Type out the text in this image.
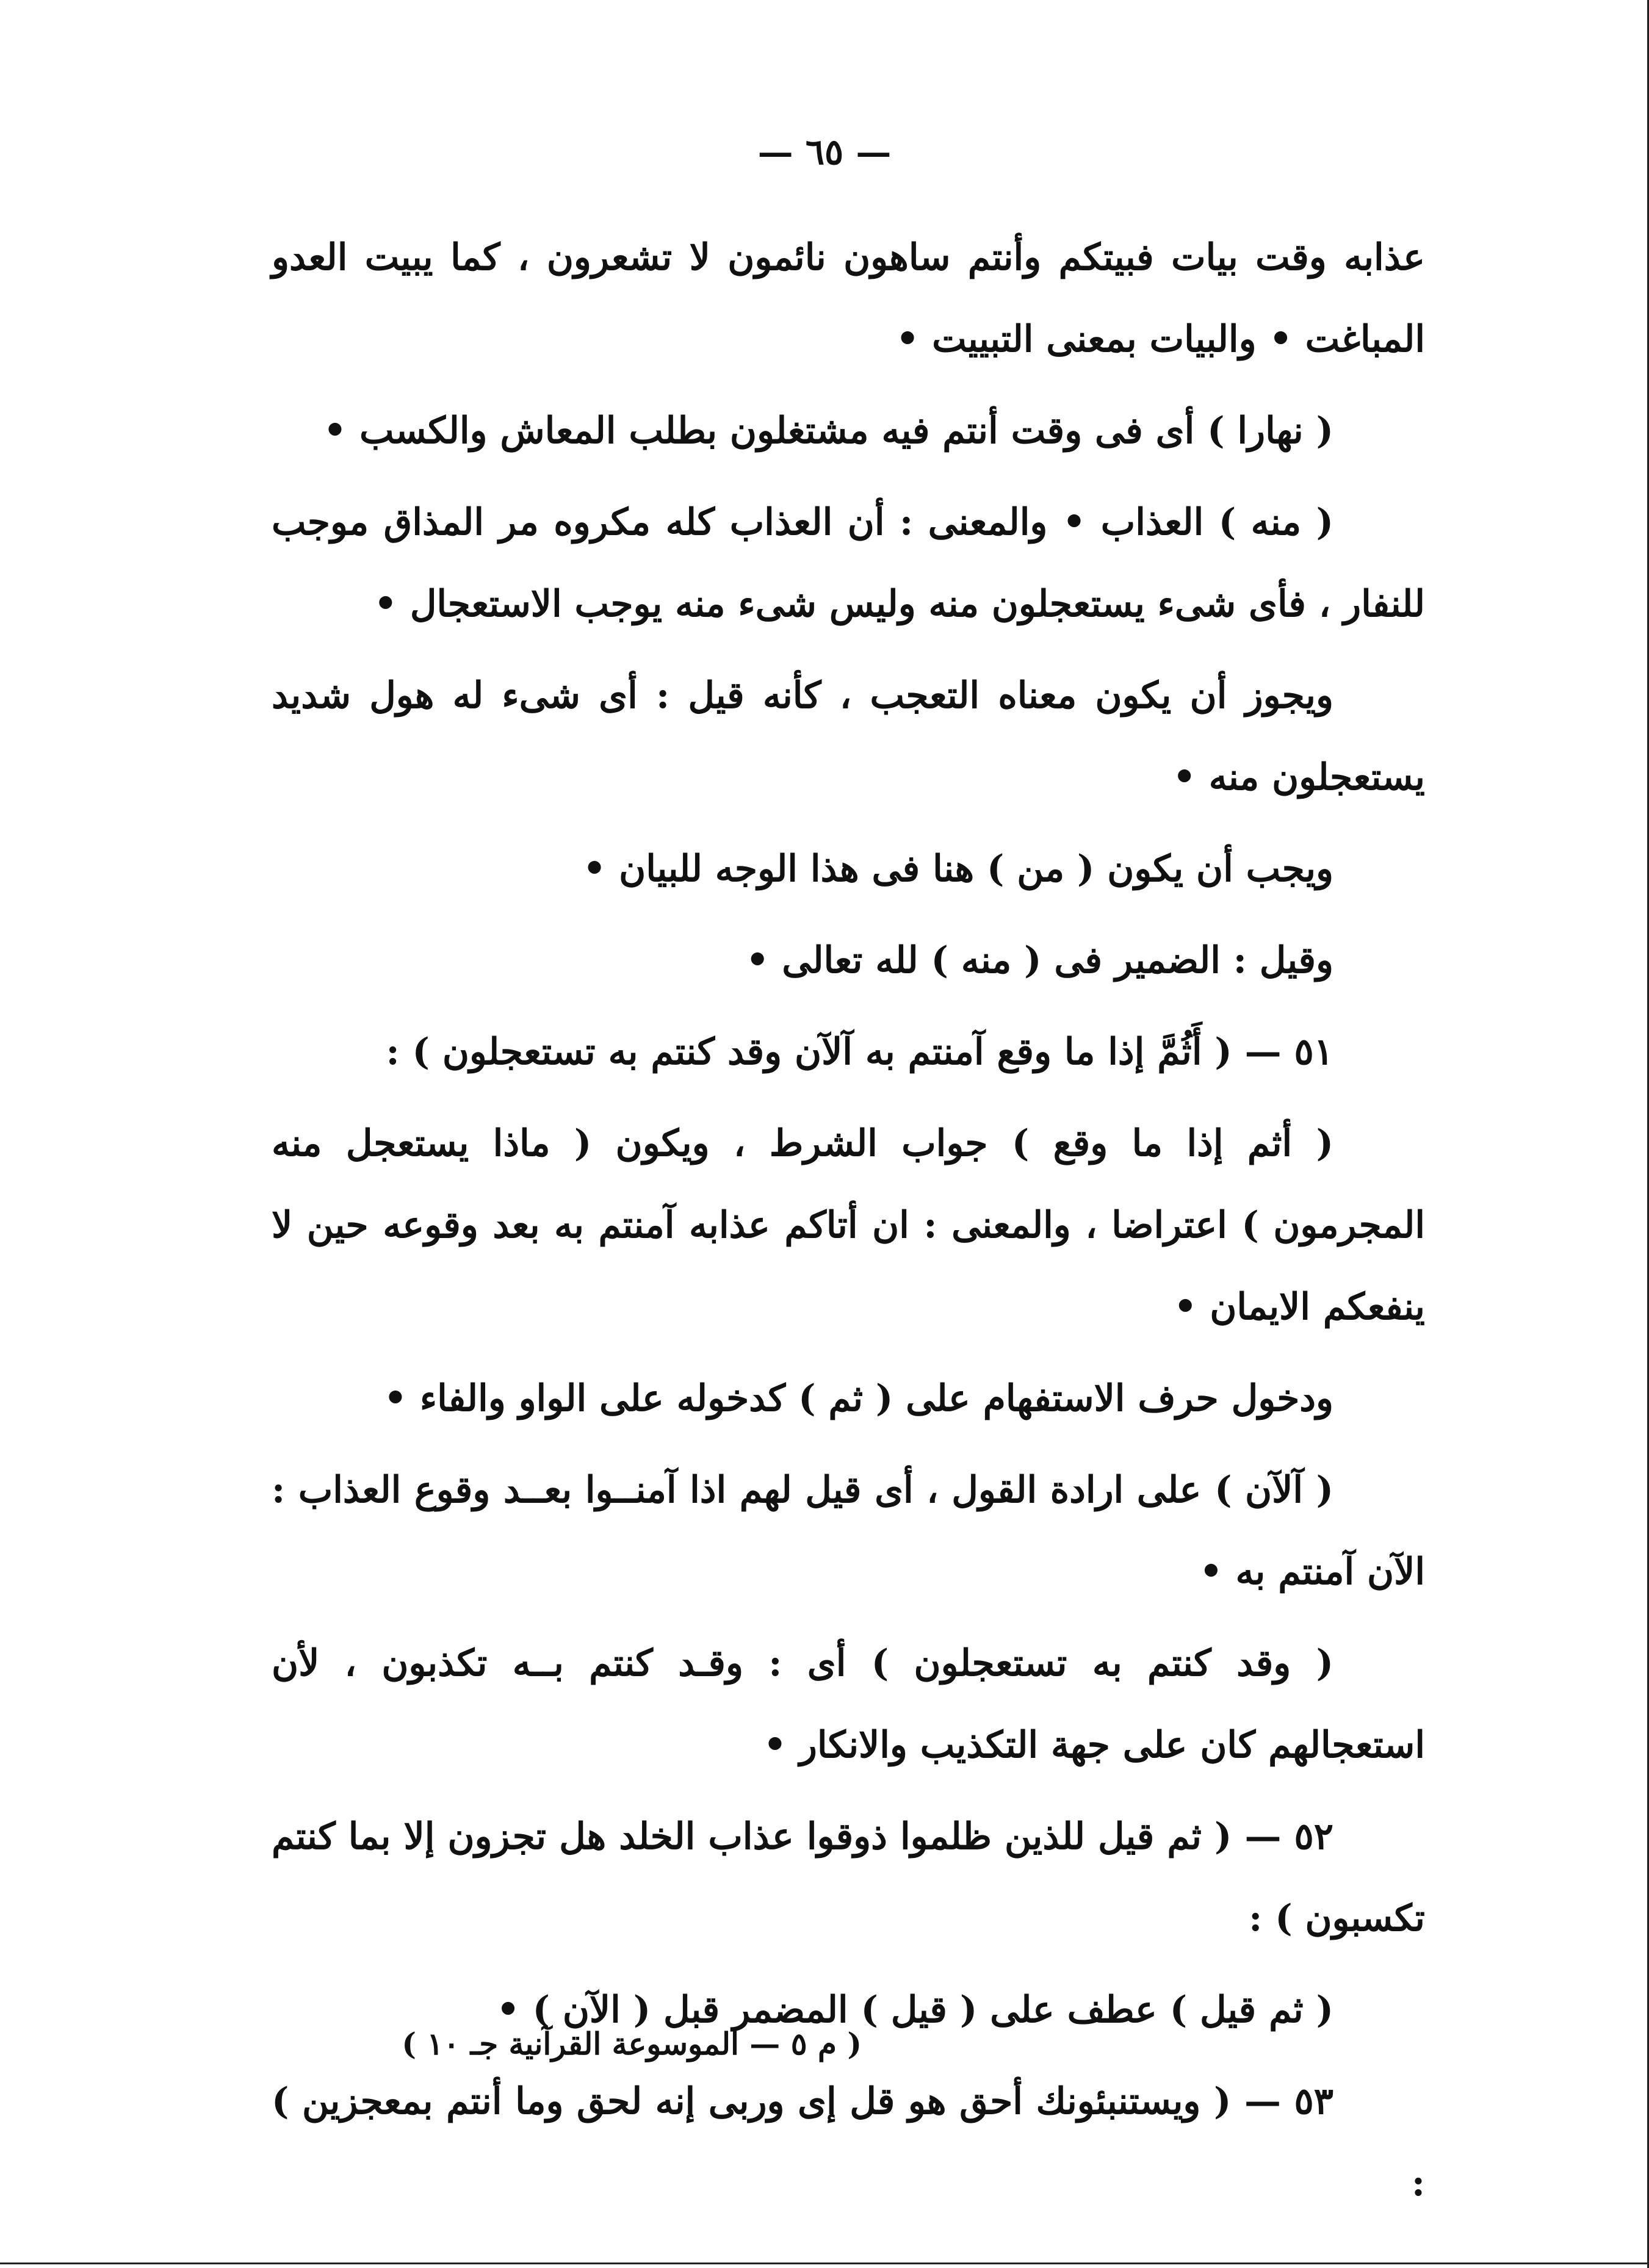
— ٦٥ —

عذابه وقت بيات فبيتكم وأنتم ساهون نائمون لا تشعرون ، كما يبيت العدو المباغت • والبيات بمعنى التبييت •

( نهارا ) أى فى وقت أنتم فيه مشتغلون بطلب المعاش والكسب •

( منه ) العذاب • والمعنى : أن العذاب كله مكروه مر المذاق موجب للنفار ، فأى شىء يستعجلون منه وليس شىء منه يوجب الاستعجال •

ويجوز أن يكون معناه التعجب ، كأنه قيل : أى شىء له هول شديد يستعجلون منه •

ويجب أن يكون ( من ) هنا فى هذا الوجه للبيان •

وقيل : الضمير فى ( منه ) لله تعالى •

٥١ — ( أَثُمَّ إذا ما وقع آمنتم به آلآن وقد كنتم به تستعجلون ) :

( أثم إذا ما وقع ) جواب الشرط ، ويكون ( ماذا يستعجل منه المجرمون ) اعتراضا ، والمعنى : ان أتاكم عذابه آمنتم به بعد وقوعه حين لا ينفعكم الايمان •

ودخول حرف الاستفهام على ( ثم ) كدخوله على الواو والفاء •

( آلآن ) على ارادة القول ، أى قيل لهم اذا آمنــوا بعــد وقوع العذاب : الآن آمنتم به •

( وقد كنتم به تستعجلون ) أى : وقـد كنتم بــه تكذبون ، لأن استعجالهم كان على جهة التكذيب والانكار •

٥٢ — ( ثم قيل للذين ظلموا ذوقوا عذاب الخلد هل تجزون إلا بما كنتم تكسبون ) :

( ثم قيل ) عطف على ( قيل ) المضمر قبل ( الآن ) •

٥٣ — ( ويستنبئونك أحق هو قل إى وربى إنه لحق وما أنتم بمعجزين ) :

( م ٥ — الموسوعة القرآنية جـ ١٠ )
